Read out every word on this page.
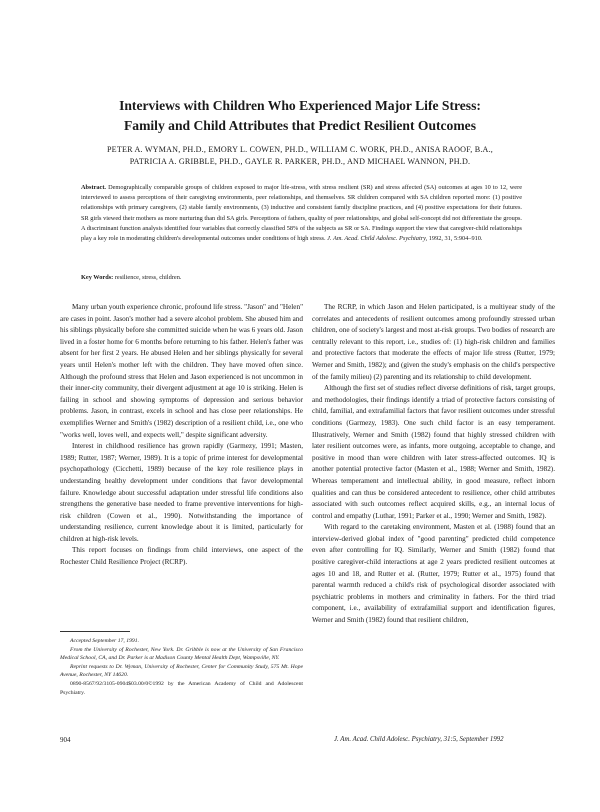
Interviews with Children Who Experienced Major Life Stress:
Family and Child Attributes that Predict Resilient Outcomes

PETER A. WYMAN, PH.D., EMORY L. COWEN, PH.D., WILLIAM C. WORK, PH.D., ANISA RAOOF, B.A.,
PATRICIA A. GRIBBLE, PH.D., GAYLE R. PARKER, PH.D., AND MICHAEL WANNON, PH.D.

Abstract. Demographically comparable groups of children exposed to major life-stress, with stress resilient (SR) and stress affected (SA) outcomes at ages 10 to 12, were interviewed to assess perceptions of their caregiving environments, peer relationships, and themselves. SR children compared with SA children reported more: (1) positive relationships with primary caregivers, (2) stable family environments, (3) inductive and consistent family discipline practices, and (4) positive expectations for their futures. SR girls viewed their mothers as more nurturing than did SA girls. Perceptions of fathers, quality of peer relationships, and global self-concept did not differentiate the groups. A discriminant function analysis identified four variables that correctly classified 58% of the subjects as SR or SA. Findings support the view that caregiver-child relationships play a key role in moderating children's developmental outcomes under conditions of high stress. J. Am. Acad. Child Adolesc. Psychiatry, 1992, 31, 5:904–910.

Key Words: resilience, stress, children.

Many urban youth experience chronic, profound life stress. "Jason" and "Helen" are cases in point. Jason's mother had a severe alcohol problem. She abused him and his siblings physically before she committed suicide when he was 6 years old. Jason lived in a foster home for 6 months before returning to his father. Helen's father was absent for her first 2 years. He abused Helen and her siblings physically for several years until Helen's mother left with the children. They have moved often since. Although the profound stress that Helen and Jason experienced is not uncommon in their inner-city community, their divergent adjustment at age 10 is striking. Helen is failing in school and showing symptoms of depression and serious behavior problems. Jason, in contrast, excels in school and has close peer relationships. He exemplifies Werner and Smith's (1982) description of a resilient child, i.e., one who "works well, loves well, and expects well," despite significant adversity.

Interest in childhood resilience has grown rapidly (Garmezy, 1991; Masten, 1989; Rutter, 1987; Werner, 1989). It is a topic of prime interest for developmental psychopathology (Cicchetti, 1989) because of the key role resilience plays in understanding healthy development under conditions that favor developmental failure. Knowledge about successful adaptation under stressful life conditions also strengthens the generative base needed to frame preventive interventions for high-risk children (Cowen et al., 1990). Notwithstanding the importance of understanding resilience, current knowledge about it is limited, particularly for children at high-risk levels.

This report focuses on findings from child interviews, one aspect of the Rochester Child Resilience Project (RCRP).

Accepted September 17, 1991.

From the University of Rochester, New York. Dr. Gribble is now at the University of San Francisco Medical School, CA, and Dr. Parker is at Madison County Mental Health Dept, Wampsville, NY.

Reprint requests to Dr. Wyman, University of Rochester, Center for Community Study, 575 Mt. Hope Avenue, Rochester, NY 14620.

0890-8567/92/3105-0904$03.00/0©1992 by the American Academy of Child and Adolescent Psychiatry.

The RCRP, in which Jason and Helen participated, is a multiyear study of the correlates and antecedents of resilient outcomes among profoundly stressed urban children, one of society's largest and most at-risk groups. Two bodies of research are centrally relevant to this report, i.e., studies of: (1) high-risk children and families and protective factors that moderate the effects of major life stress (Rutter, 1979; Werner and Smith, 1982); and (given the study's emphasis on the child's perspective of the family milieu) (2) parenting and its relationship to child development.

Although the first set of studies reflect diverse definitions of risk, target groups, and methodologies, their findings identify a triad of protective factors consisting of child, familial, and extrafamilial factors that favor resilient outcomes under stressful conditions (Garmezy, 1983). One such child factor is an easy temperament. Illustratively, Werner and Smith (1982) found that highly stressed children with later resilient outcomes were, as infants, more outgoing, acceptable to change, and positive in mood than were children with later stress-affected outcomes. IQ is another potential protective factor (Masten et al., 1988; Werner and Smith, 1982). Whereas temperament and intellectual ability, in good measure, reflect inborn qualities and can thus be considered antecedent to resilience, other child attributes associated with such outcomes reflect acquired skills, e.g., an internal locus of control and empathy (Luthar, 1991; Parker et al., 1990; Werner and Smith, 1982).

With regard to the caretaking environment, Masten et al. (1988) found that an interview-derived global index of "good parenting" predicted child competence even after controlling for IQ. Similarly, Werner and Smith (1982) found that positive caregiver-child interactions at age 2 years predicted resilient outcomes at ages 10 and 18, and Rutter et al. (Rutter, 1979; Rutter et al., 1975) found that parental warmth reduced a child's risk of psychological disorder associated with psychiatric problems in mothers and criminality in fathers. For the third triad component, i.e., availability of extrafamilial support and identification figures, Werner and Smith (1982) found that resilient children,

904	J. Am. Acad. Child Adolesc. Psychiatry, 31:5, September 1992
